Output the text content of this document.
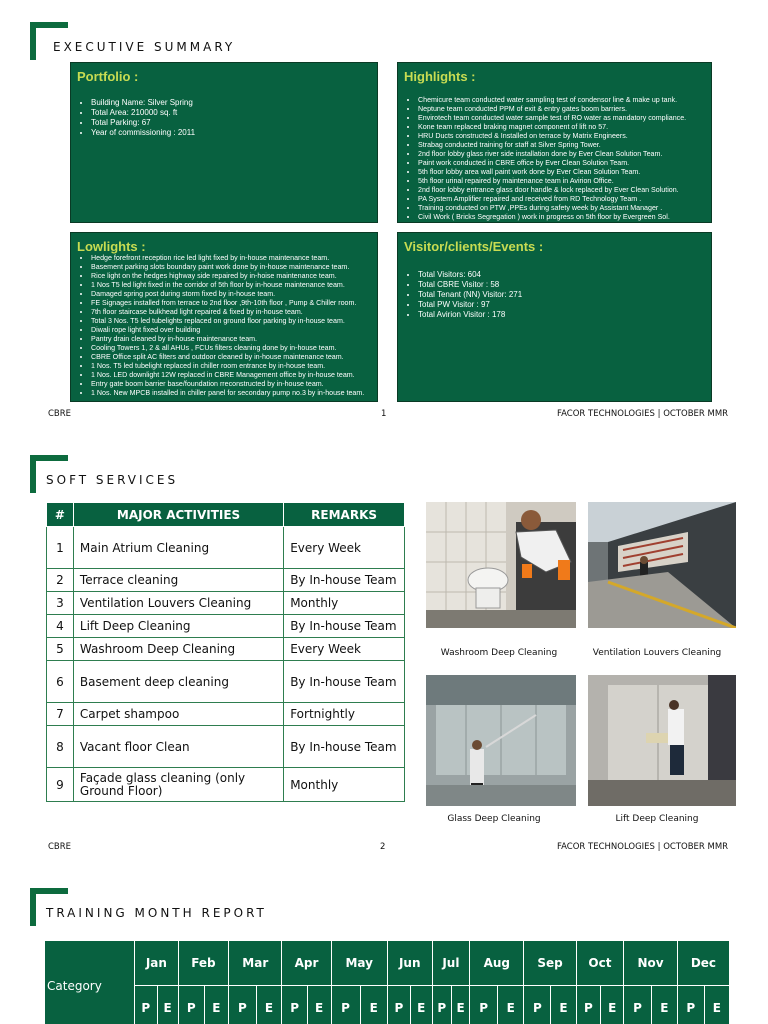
EXECUTIVE SUMMARY
Portfolio :
• Building Name: Silver Spring
• Total Area: 210000 sq. ft
• Total Parking: 67
• Year of commissioning : 2011
Highlights :
• Chemicure team conducted water sampling test of condensor line & make up tank.
• Neptune team conducted PPM of exit & entry gates boom barriers.
• Envirotech team conducted water sample test of RO water as mandatory compliance.
• Kone team replaced braking magnet component of lift no 57.
• HRU Ducts constructed & Installed on terrace by Matrix Engineers.
• Strabag conducted training for staff at Silver Spring Tower.
• 2nd floor lobby glass river side installation done by Ever Clean Solution Team.
• Paint work conducted in CBRE office by Ever Clean Solution Team.
• 5th floor lobby area wall paint work done by Ever Clean Solution Team.
• 5th floor urinal repaired by maintenance team in Avirion Office.
• 2nd floor lobby entrance glass door handle & lock replaced by Ever Clean Solution.
• PA System Amplifier repaired and received from RD Technology Team .
• Training conducted on PTW ,PPEs during safety week by Assistant Manager .
• Civil Work ( Bricks Segregation ) work in progress on 5th floor by Evergreen Sol.
Lowlights :
• Hedge forefront reception rice led light fixed by in-house maintenance team.
• Basement parking slots boundary paint work done by in-house maintenance team.
• Rice light on the hedges highway side repaired by in-hoise maintenance team.
• 1 Nos T5 led light fixed in the corridor of 5th floor by in-house maintenance team.
• Damaged spring post during storm fixed by in-house team.
• FE Signages installed from terrace to 2nd floor ,9th-10th floor , Pump & Chiller room.
• 7th floor staircase bulkhead light repaired & fixed by in-house team.
• Total 3 Nos. T5 led tubelights replaced on ground floor parking by in-house team.
• Diwali rope light fixed over building
• Pantry drain cleaned by in-house maintenance team.
• Cooling Towers 1, 2 & all AHUs , FCUs filters cleaning done by in-house team.
• CBRE Office split AC filters and outdoor cleaned by in-house maintenance team.
• 1 Nos. T5 led tubelight replaced in chiller room entrance by in-house team.
• 1 Nos. LED downlight 12W replaced in CBRE Management office by in-house team.
• Entry gate boom barrier base/foundation rreconstructed by in-house team.
• 1 Nos. New MPCB installed in chiller panel for secondary pump no.3 by in-house team.
Visitor/clients/Events :
• Total Visitors: 604
• Total CBRE Visitor : 58
• Total Tenant (NN) Visitor: 271
• Total PW Visitor : 97
• Total Avirion Visitor : 178
CBRE	1	FACOR TECHNOLOGIES | OCTOBER MMR
SOFT SERVICES
#	MAJOR ACTIVITIES	REMARKS
1	Main Atrium Cleaning	Every Week
2	Terrace cleaning	By In-house Team
3	Ventilation Louvers Cleaning	Monthly
4	Lift Deep Cleaning	By In-house Team
5	Washroom Deep Cleaning	Every Week
6	Basement deep cleaning	By In-house Team
7	Carpet shampoo	Fortnightly
8	Vacant floor Clean	By In-house Team
9	Façade glass cleaning (only Ground Floor)	Monthly
Washroom Deep Cleaning	Ventilation Louvers Cleaning
Glass Deep Cleaning	Lift Deep Cleaning
CBRE	2	FACOR TECHNOLOGIES | OCTOBER MMR
TRAINING MONTH REPORT
Category	Jan		Feb		Mar		Apr		May		Jun		Jul		Aug		Sep		Oct		Nov		Dec	
	P	E	P	E	P	E	P	E	P	E	P	E	P	E	P	E	P	E	P	E	P	E	P	E
